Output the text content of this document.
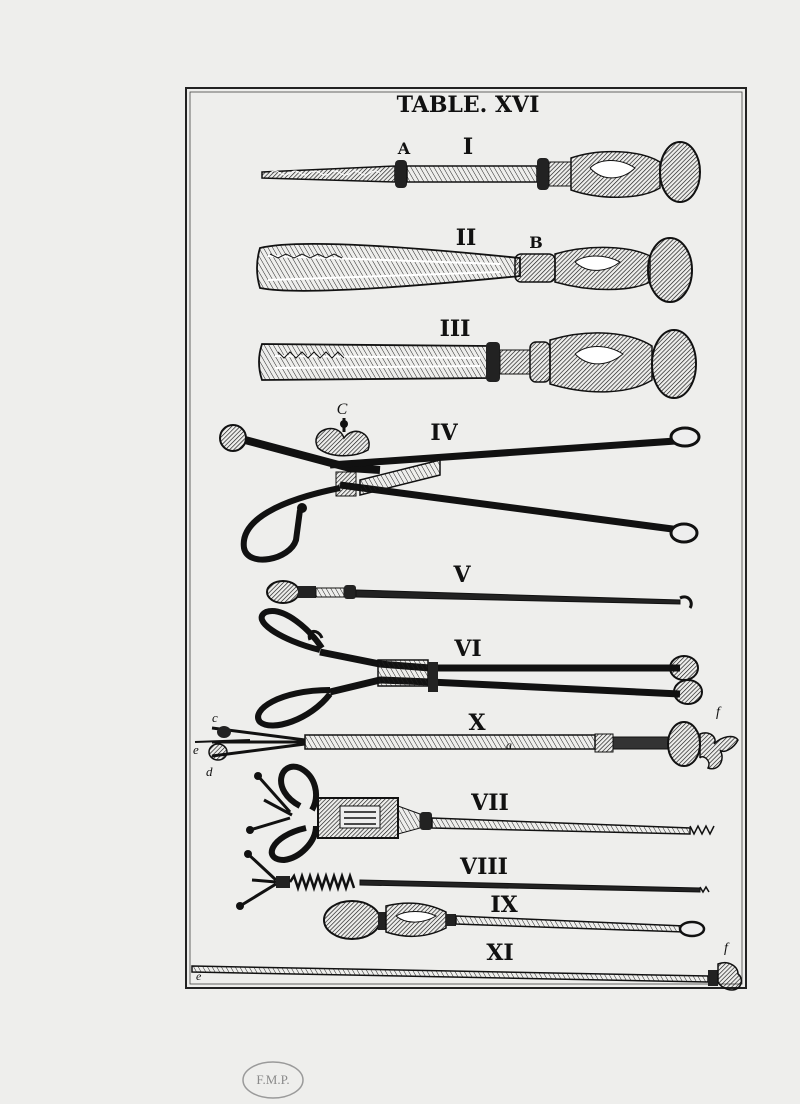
TABLE. XVI
I
A
II	B
III
IV
C
V
VI
X
c
e
d
a
f
VII
VIII
IX
XI
e
f
F.M.P.
